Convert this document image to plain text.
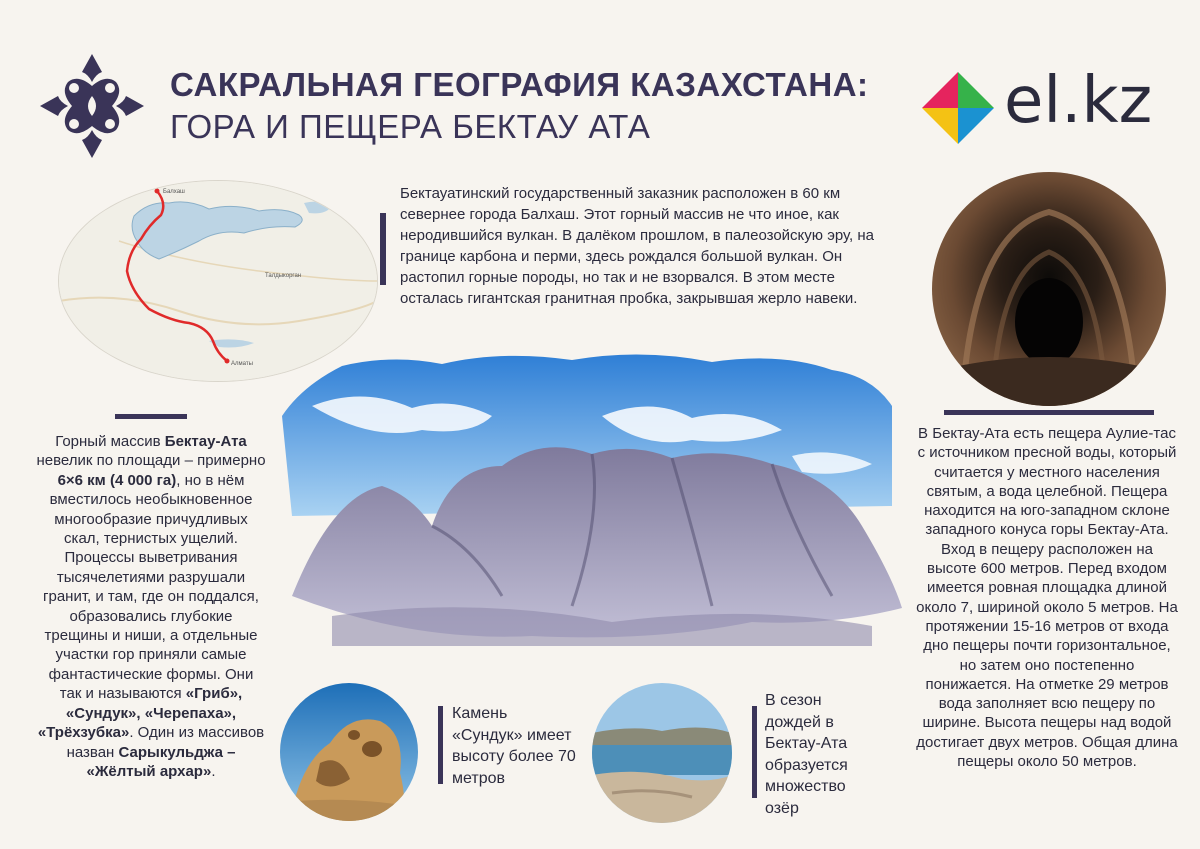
САКРАЛЬНАЯ ГЕОГРАФИЯ КАЗАХСТАНА:
ГОРА И ПЕЩЕРА БЕКТАУ АТА	el.kz
Балхаш
Талдыкорган
Алматы
Бектауатинский государственный заказник расположен в 60 км севернее города Балхаш. Этот горный массив не что иное, как неродившийся вулкан. В далёком прошлом, в палеозойскую эру, на границе карбона и перми, здесь рождался большой вулкан. Он растопил горные породы, но так и не взорвался. В этом месте осталась гигантская гранитная пробка, закрывшая жерло навеки.
В Бектау-Ата есть пещера Аулие-тас с источником пресной воды, который считается у местного населения святым, а вода целебной. Пещера находится на юго-западном склоне западного конуса горы Бектау-Ата. Вход в пещеру расположен на высоте 600 метров. Перед входом имеется ровная площадка длиной около 7, шириной около 5 метров. На протяжении 15-16 метров от входа дно пещеры почти горизонтальное, но затем оно постепенно понижается. На отметке 29 метров вода заполняет всю пещеру по ширине. Высота пещеры над водой достигает двух метров. Общая длина пещеры около 50 метров.
Горный массив Бектау-Ата невелик по площади – примерно 6×6 км (4 000 га), но в нём вместилось необыкновенное многообразие причудливых скал, тернистых ущелий. Процессы выветривания тысячелетиями разрушали гранит, и там, где он поддался, образовались глубокие трещины и ниши, а отдельные участки гор приняли самые фантастические формы. Они так и называются «Гриб», «Сундук», «Черепаха», «Трёхзубка». Один из массивов назван Сарыкульджа – «Жёлтый архар».
Камень «Сундук» имеет высоту более 70 метров
В сезон дождей в Бектау-Ата образуется множество озёр
